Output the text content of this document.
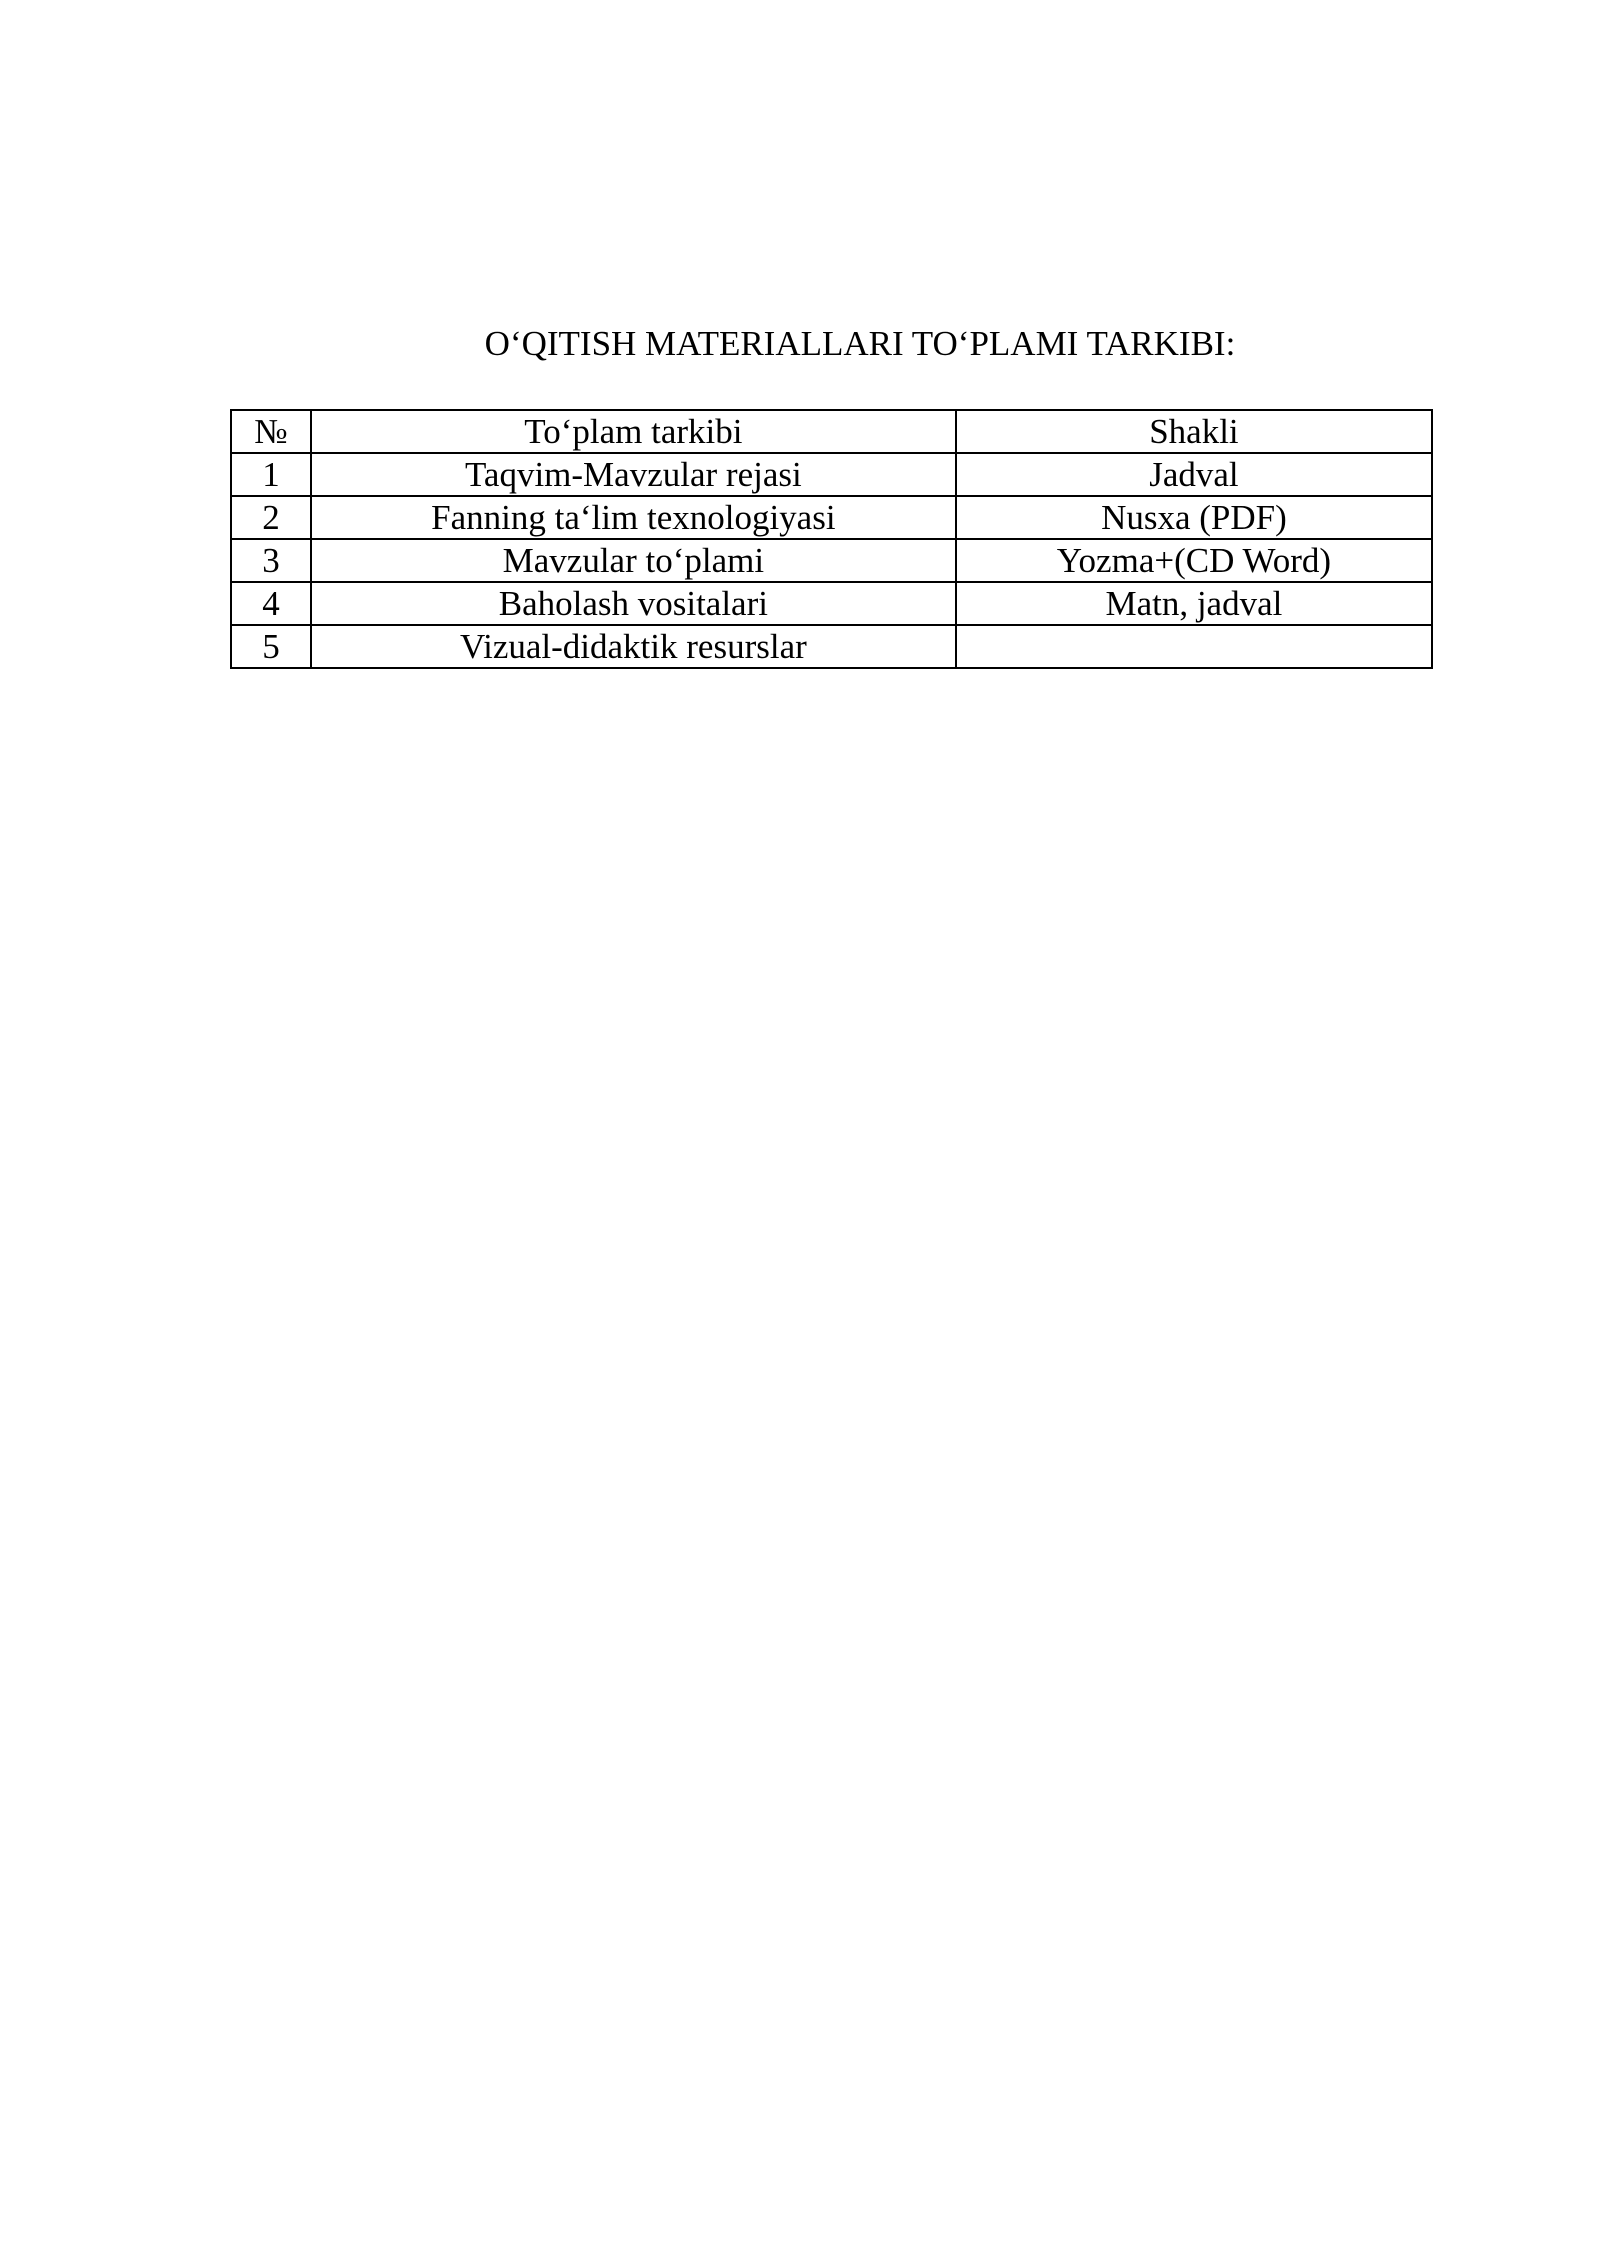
O‘QITISH MATERIALLARI TO‘PLAMI TARKIBI:
№	To‘plam tarkibi	Shakli
1	Taqvim-Mavzular rejasi	Jadval
2	Fanning ta‘lim texnologiyasi	Nusxa (PDF)
3	Mavzular to‘plami	Yozma+(CD Word)
4	Baholash vositalari	Matn, jadval
5	Vizual-didaktik resurslar	
